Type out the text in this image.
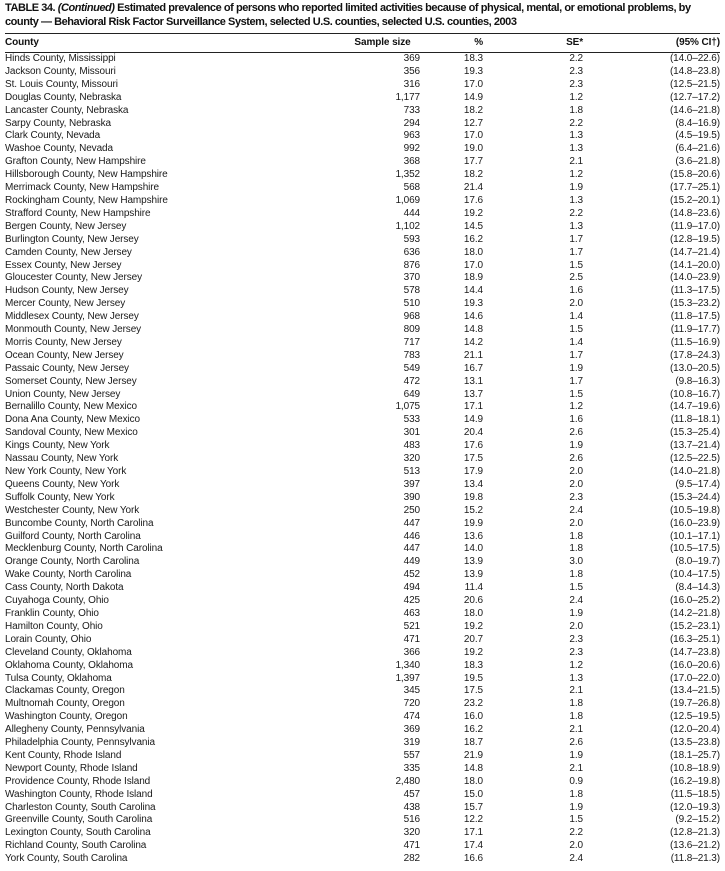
TABLE 34. (Continued) Estimated prevalence of persons who reported limited activities because of physical, mental, or emotional problems, by county — Behavioral Risk Factor Surveillance System, selected U.S. counties, selected U.S. counties, 2003
County	Sample size	%	SE*	(95% CI†)
Hinds County, Mississippi	369	18.3	2.2	(14.0–22.6)
Jackson County, Missouri	356	19.3	2.3	(14.8–23.8)
St. Louis County, Missouri	316	17.0	2.3	(12.5–21.5)
Douglas County, Nebraska	1,177	14.9	1.2	(12.7–17.2)
Lancaster County, Nebraska	733	18.2	1.8	(14.6–21.8)
Sarpy County, Nebraska	294	12.7	2.2	(8.4–16.9)
Clark County, Nevada	963	17.0	1.3	(4.5–19.5)
Washoe County, Nevada	992	19.0	1.3	(6.4–21.6)
Grafton County, New Hampshire	368	17.7	2.1	(3.6–21.8)
Hillsborough County, New Hampshire	1,352	18.2	1.2	(15.8–20.6)
Merrimack County, New Hampshire	568	21.4	1.9	(17.7–25.1)
Rockingham County, New Hampshire	1,069	17.6	1.3	(15.2–20.1)
Strafford County, New Hampshire	444	19.2	2.2	(14.8–23.6)
Bergen County, New Jersey	1,102	14.5	1.3	(11.9–17.0)
Burlington County, New Jersey	593	16.2	1.7	(12.8–19.5)
Camden County, New Jersey	636	18.0	1.7	(14.7–21.4)
Essex County, New Jersey	876	17.0	1.5	(14.1–20.0)
Gloucester County, New Jersey	370	18.9	2.5	(14.0–23.9)
Hudson County, New Jersey	578	14.4	1.6	(11.3–17.5)
Mercer County, New Jersey	510	19.3	2.0	(15.3–23.2)
Middlesex County, New Jersey	968	14.6	1.4	(11.8–17.5)
Monmouth County, New Jersey	809	14.8	1.5	(11.9–17.7)
Morris County, New Jersey	717	14.2	1.4	(11.5–16.9)
Ocean County, New Jersey	783	21.1	1.7	(17.8–24.3)
Passaic County, New Jersey	549	16.7	1.9	(13.0–20.5)
Somerset County, New Jersey	472	13.1	1.7	(9.8–16.3)
Union County, New Jersey	649	13.7	1.5	(10.8–16.7)
Bernalillo County, New Mexico	1,075	17.1	1.2	(14.7–19.6)
Dona Ana County, New Mexico	533	14.9	1.6	(11.8–18.1)
Sandoval County, New Mexico	301	20.4	2.6	(15.3–25.4)
Kings County, New York	483	17.6	1.9	(13.7–21.4)
Nassau County, New York	320	17.5	2.6	(12.5–22.5)
New York County, New York	513	17.9	2.0	(14.0–21.8)
Queens County, New York	397	13.4	2.0	(9.5–17.4)
Suffolk County, New York	390	19.8	2.3	(15.3–24.4)
Westchester County, New York	250	15.2	2.4	(10.5–19.8)
Buncombe County, North Carolina	447	19.9	2.0	(16.0–23.9)
Guilford County, North Carolina	446	13.6	1.8	(10.1–17.1)
Mecklenburg County, North Carolina	447	14.0	1.8	(10.5–17.5)
Orange County, North Carolina	449	13.9	3.0	(8.0–19.7)
Wake County, North Carolina	452	13.9	1.8	(10.4–17.5)
Cass County, North Dakota	494	11.4	1.5	(8.4–14.3)
Cuyahoga County, Ohio	425	20.6	2.4	(16.0–25.2)
Franklin County, Ohio	463	18.0	1.9	(14.2–21.8)
Hamilton County, Ohio	521	19.2	2.0	(15.2–23.1)
Lorain County, Ohio	471	20.7	2.3	(16.3–25.1)
Cleveland County, Oklahoma	366	19.2	2.3	(14.7–23.8)
Oklahoma County, Oklahoma	1,340	18.3	1.2	(16.0–20.6)
Tulsa County, Oklahoma	1,397	19.5	1.3	(17.0–22.0)
Clackamas County, Oregon	345	17.5	2.1	(13.4–21.5)
Multnomah County, Oregon	720	23.2	1.8	(19.7–26.8)
Washington County, Oregon	474	16.0	1.8	(12.5–19.5)
Allegheny County, Pennsylvania	369	16.2	2.1	(12.0–20.4)
Philadelphia County, Pennsylvania	319	18.7	2.6	(13.5–23.8)
Kent County, Rhode Island	557	21.9	1.9	(18.1–25.7)
Newport County, Rhode Island	335	14.8	2.1	(10.8–18.9)
Providence County, Rhode Island	2,480	18.0	0.9	(16.2–19.8)
Washington County, Rhode Island	457	15.0	1.8	(11.5–18.5)
Charleston County, South Carolina	438	15.7	1.9	(12.0–19.3)
Greenville County, South Carolina	516	12.2	1.5	(9.2–15.2)
Lexington County, South Carolina	320	17.1	2.2	(12.8–21.3)
Richland County, South Carolina	471	17.4	2.0	(13.6–21.2)
York County, South Carolina	282	16.6	2.4	(11.8–21.3)
